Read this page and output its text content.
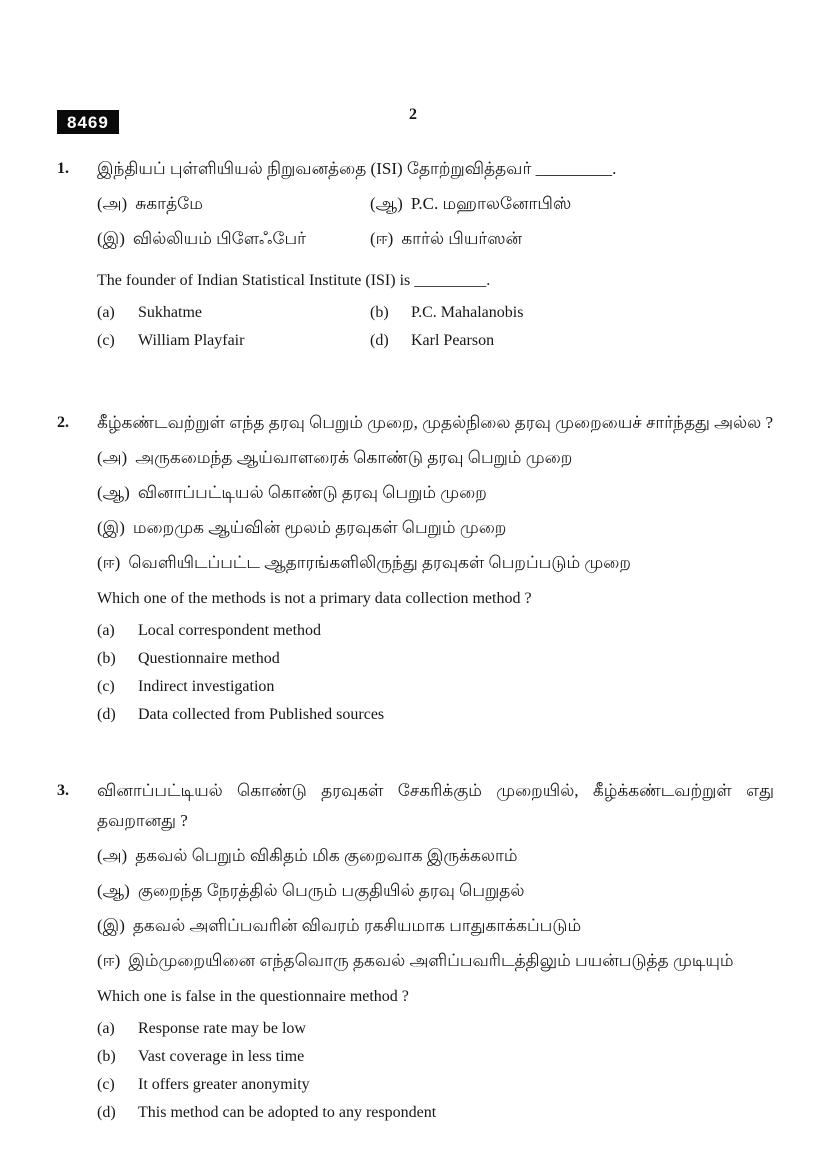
8469	2
1.	இந்தியப் புள்ளியியல் நிறுவனத்தை (ISI) தோற்றுவித்தவர் _________.

(அ) சுகாத்மே	(ஆ) P.C. மஹாலனோபிஸ்
(இ) வில்லியம் பிளேஃபேர்	(ஈ) கார்ல் பியர்ஸன்

The founder of Indian Statistical Institute (ISI) is _________.

(a)	Sukhatme	(b)	P.C. Mahalanobis
(c)	William Playfair	(d)	Karl Pearson
2.	கீழ்கண்டவற்றுள் எந்த தரவு பெறும் முறை, முதல்நிலை தரவு முறையைச் சார்ந்தது அல்ல ?

(அ) அருகமைந்த ஆய்வாளரைக் கொண்டு தரவு பெறும் முறை
(ஆ) வினாப்பட்டியல் கொண்டு தரவு பெறும் முறை
(இ) மறைமுக ஆய்வின் மூலம் தரவுகள் பெறும் முறை
(ஈ) வெளியிடப்பட்ட ஆதாரங்களிலிருந்து தரவுகள் பெறப்படும் முறை

Which one of the methods is not a primary data collection method ?

(a)	Local correspondent method
(b)	Questionnaire method
(c)	Indirect investigation
(d)	Data collected from Published sources
3.	வினாப்பட்டியல் கொண்டு தரவுகள் சேகரிக்கும் முறையில், கீழ்க்கண்டவற்றுள் எது தவறானது ?

(அ) தகவல் பெறும் விகிதம் மிக குறைவாக இருக்கலாம்
(ஆ) குறைந்த நேரத்தில் பெரும் பகுதியில் தரவு பெறுதல்
(இ) தகவல் அளிப்பவரின் விவரம் ரகசியமாக பாதுகாக்கப்படும்
(ஈ) இம்முறையினை எந்தவொரு தகவல் அளிப்பவரிடத்திலும் பயன்படுத்த முடியும்

Which one is false in the questionnaire method ?

(a)	Response rate may be low
(b)	Vast coverage in less time
(c)	It offers greater anonymity
(d)	This method can be adopted to any respondent
